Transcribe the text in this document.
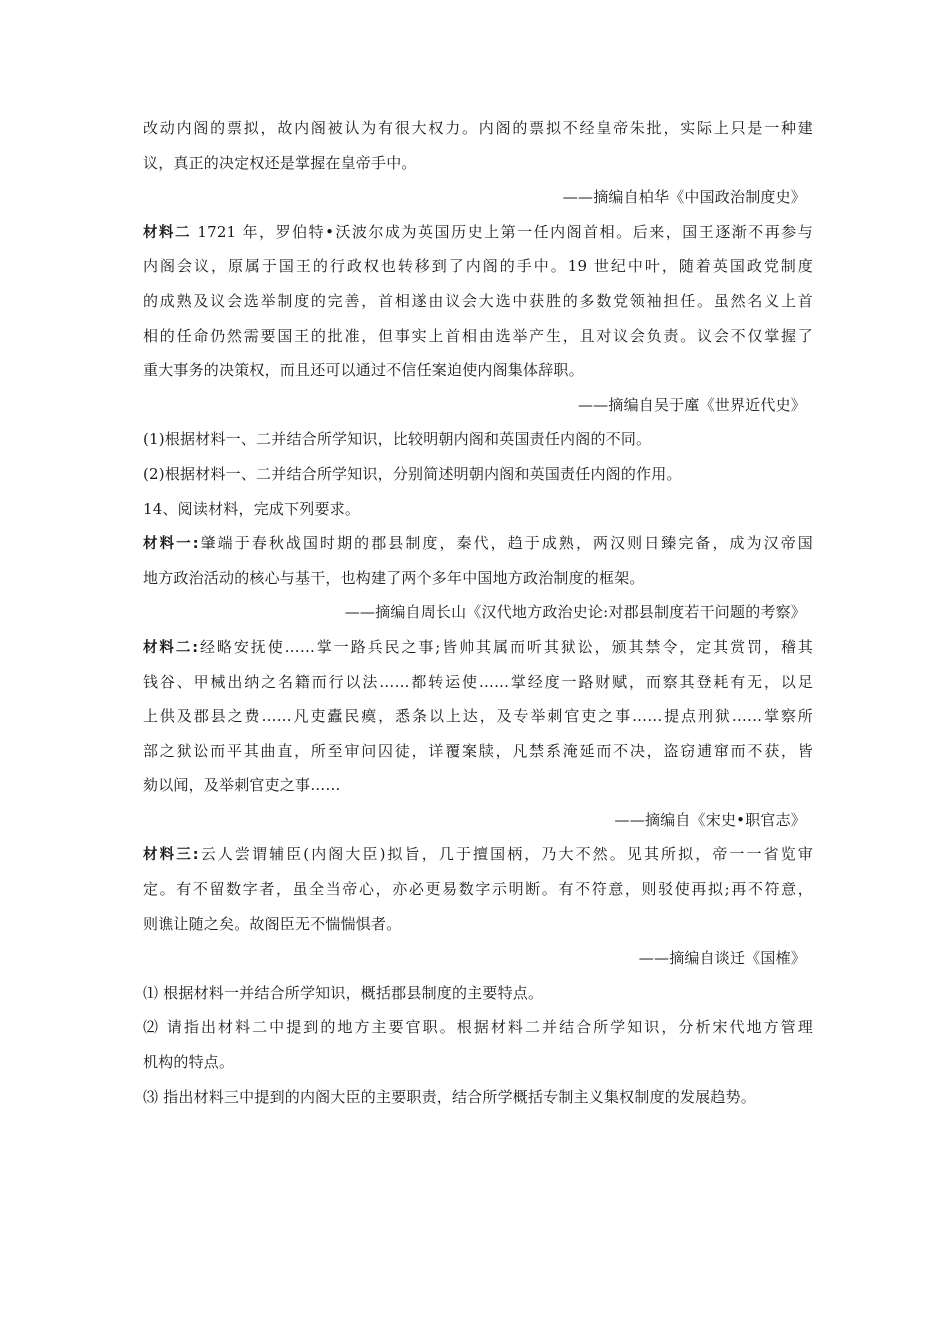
改动内阁的票拟，故内阁被认为有很大权力。内阁的票拟不经皇帝朱批，实际上只是一种建
议，真正的决定权还是掌握在皇帝手中。
——摘编自柏华《中国政治制度史》
材料二 1721 年，罗伯特•沃波尔成为英国历史上第一任内阁首相。后来，国王逐渐不再参与
内阁会议，原属于国王的行政权也转移到了内阁的手中。19 世纪中叶，随着英国政党制度
的成熟及议会选举制度的完善，首相遂由议会大选中获胜的多数党领袖担任。虽然名义上首
相的任命仍然需要国王的批准，但事实上首相由选举产生，且对议会负责。议会不仅掌握了
重大事务的决策权，而且还可以通过不信任案迫使内阁集体辞职。
——摘编自吴于廑《世界近代史》
(1)根据材料一、二并结合所学知识，比较明朝内阁和英国责任内阁的不同。
(2)根据材料一、二并结合所学知识，分别简述明朝内阁和英国责任内阁的作用。
14、阅读材料，完成下列要求。
材料一:肇端于春秋战国时期的郡县制度，秦代，趋于成熟，两汉则日臻完备，成为汉帝国
地方政治活动的核心与基干，也构建了两个多年中国地方政治制度的框架。
——摘编自周长山《汉代地方政治史论:对郡县制度若干问题的考察》
材料二:经略安抚使……掌一路兵民之事;皆帅其属而听其狱讼，颁其禁令，定其赏罚，稽其
钱谷、甲械出纳之名籍而行以法……都转运使……掌经度一路财赋，而察其登耗有无，以足
上供及郡县之费……凡吏蠹民瘼，悉条以上达，及专举刺官吏之事……提点刑狱……掌察所
部之狱讼而平其曲直，所至审问囚徒，详覆案牍，凡禁系淹延而不决，盗窃逋窜而不获，皆
劾以闻，及举刺官吏之事……
——摘编自《宋史•职官志》
材料三:云人尝谓辅臣(内阁大臣)拟旨，几于擅国柄，乃大不然。见其所拟，帝一一省览审
定。有不留数字者，虽全当帝心，亦必更易数字示明断。有不符意，则驳使再拟;再不符意，
则谯让随之矣。故阁臣无不惴惴惧者。
——摘编自谈迁《国榷》
⑴ 根据材料一并结合所学知识，概括郡县制度的主要特点。
⑵ 请指出材料二中提到的地方主要官职。根据材料二并结合所学知识，分析宋代地方管理
机构的特点。
⑶ 指出材料三中提到的内阁大臣的主要职责，结合所学概括专制主义集权制度的发展趋势。
